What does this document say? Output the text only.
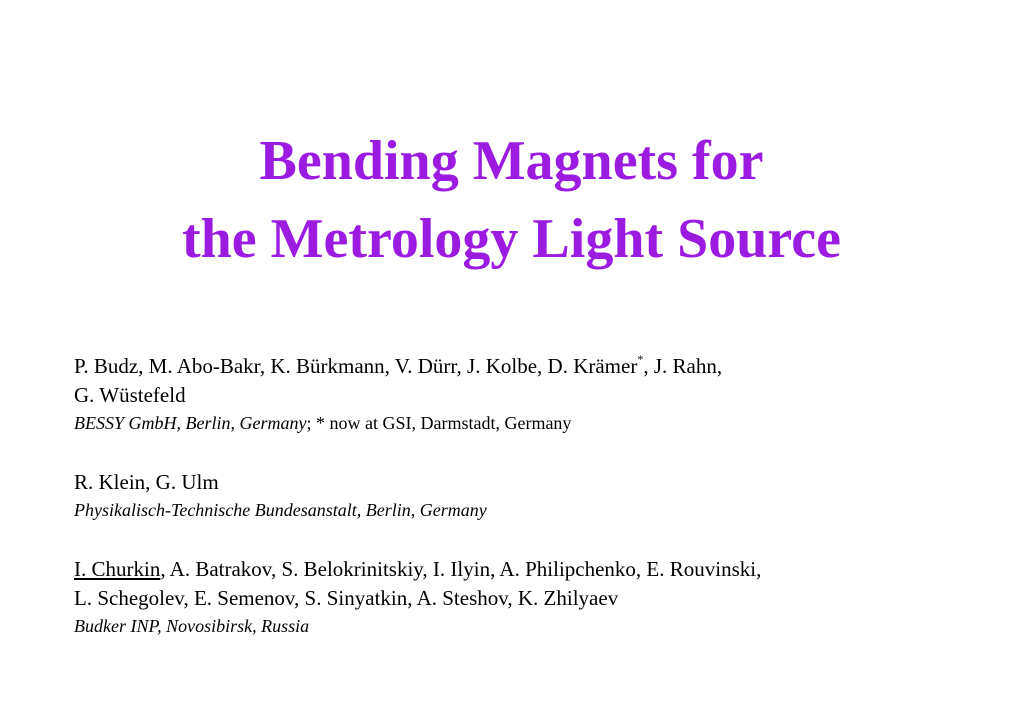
Bending Magnets for
the Metrology Light Source
P. Budz, M. Abo-Bakr, K. Bürkmann, V. Dürr, J. Kolbe, D. Krämer*, J. Rahn,
G. Wüstefeld
BESSY GmbH, Berlin, Germany; * now at GSI, Darmstadt, Germany
R. Klein, G. Ulm
Physikalisch-Technische Bundesanstalt, Berlin, Germany
I. Churkin, A. Batrakov, S. Belokrinitskiy, I. Ilyin, A. Philipchenko, E. Rouvinski,
L. Schegolev, E. Semenov, S. Sinyatkin, A. Steshov, K. Zhilyaev
Budker INP, Novosibirsk, Russia
